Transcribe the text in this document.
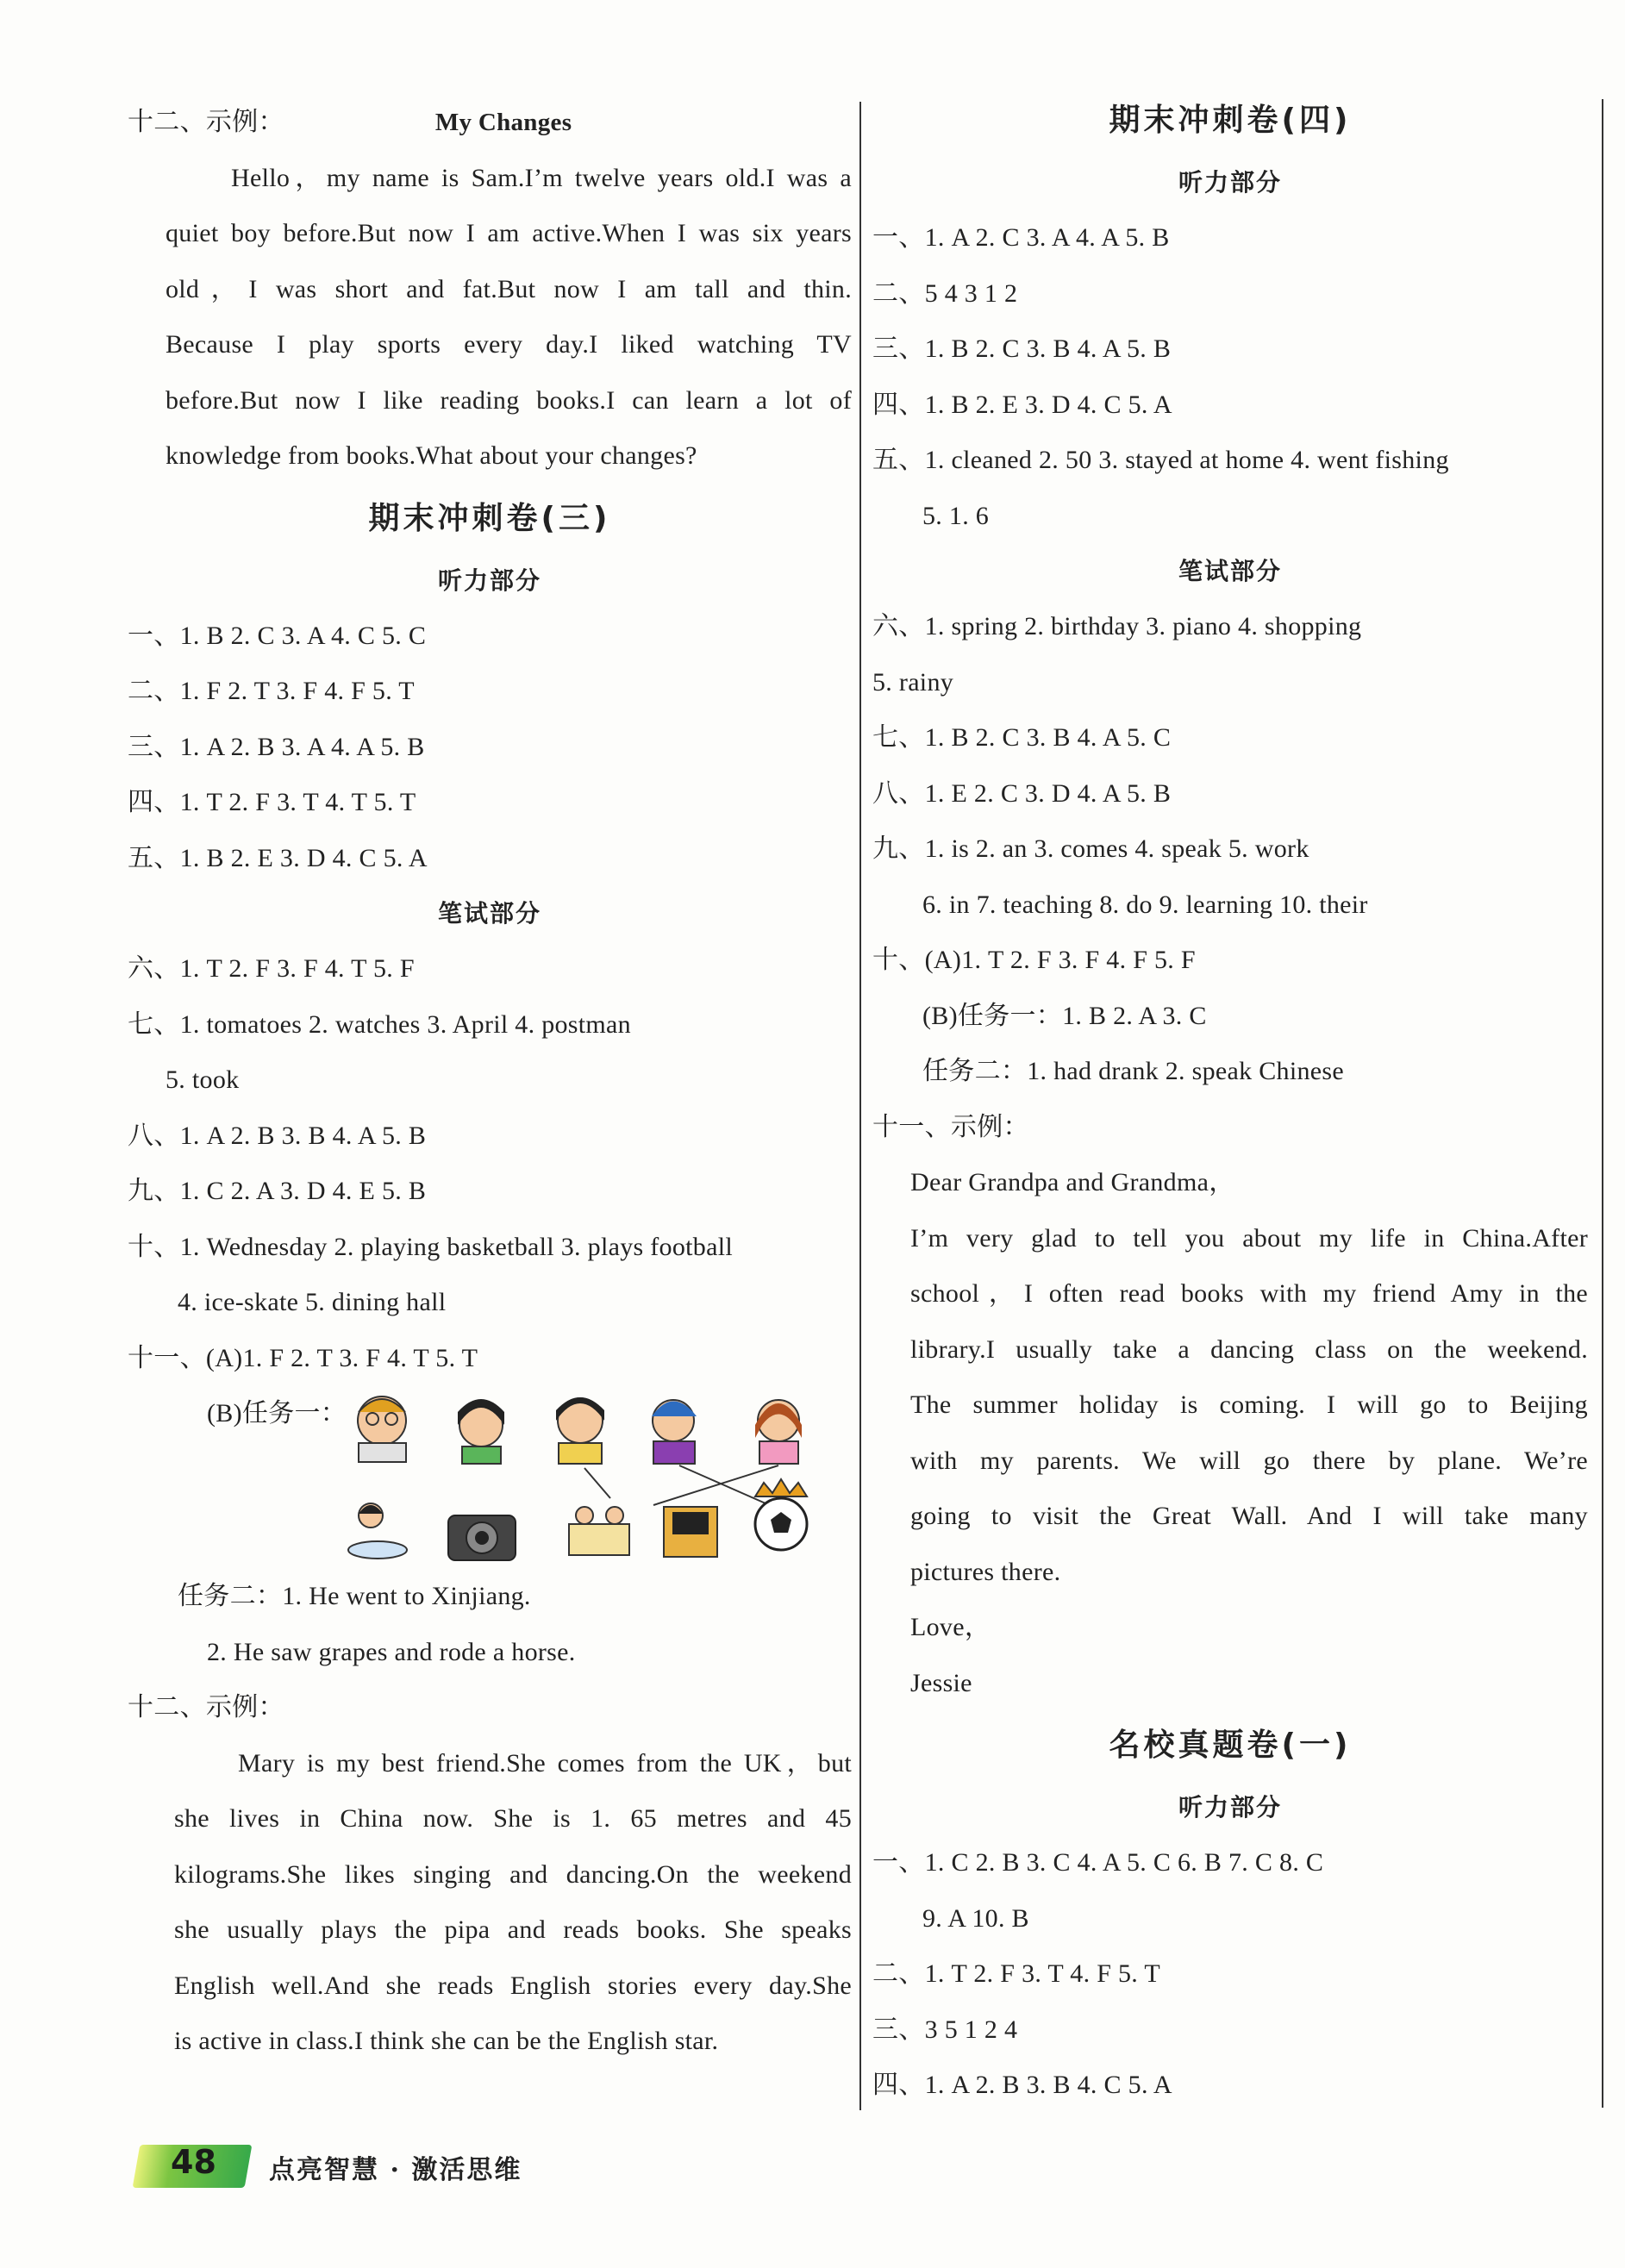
十二、示例：	My Changes
Hello，my name is Sam.I’m twelve years old.I was a
quiet boy before.But now I am active.When I was six years
old，I was short and fat.But now I am tall and thin.
Because I play sports every day.I liked watching TV
before.But now I like reading books.I can learn a lot of
knowledge from books.What about your changes?
期末冲刺卷(三)
听力部分
一、1. B 2. C 3. A 4. C 5. C
二、1. F 2. T 3. F 4. F 5. T
三、1. A 2. B 3. A 4. A 5. B
四、1. T 2. F 3. T 4. T 5. T
五、1. B 2. E 3. D 4. C 5. A
笔试部分
六、1. T 2. F 3. F 4. T 5. F
七、1. tomatoes 2. watches 3. April 4. postman
5. took
八、1. A 2. B 3. B 4. A 5. B
九、1. C 2. A 3. D 4. E 5. B
十、1. Wednesday 2. playing basketball 3. plays football
4. ice-skate 5. dining hall
十一、(A)1. F 2. T 3. F 4. T 5. T
(B)任务一：
任务二：1. He went to Xinjiang.
2. He saw grapes and rode a horse.
十二、示例：
Mary is my best friend.She comes from the UK，but
she lives in China now. She is 1. 65 metres and 45
kilograms.She likes singing and dancing.On the weekend
she usually plays the pipa and reads books. She speaks
English well.And she reads English stories every day.She
is active in class.I think she can be the English star.
期末冲刺卷(四)
听力部分
一、1. A 2. C 3. A 4. A 5. B
二、5 4 3 1 2
三、1. B 2. C 3. B 4. A 5. B
四、1. B 2. E 3. D 4. C 5. A
五、1. cleaned 2. 50 3. stayed at home 4. went fishing
5. 1. 6
笔试部分
六、1. spring 2. birthday 3. piano 4. shopping
5. rainy
七、1. B 2. C 3. B 4. A 5. C
八、1. E 2. C 3. D 4. A 5. B
九、1. is 2. an 3. comes 4. speak 5. work
6. in 7. teaching 8. do 9. learning 10. their
十、(A)1. T 2. F 3. F 4. F 5. F
(B)任务一：1. B 2. A 3. C
任务二：1. had drank 2. speak Chinese
十一、示例：
Dear Grandpa and Grandma，
I’m very glad to tell you about my life in China.After
school，I often read books with my friend Amy in the
library.I usually take a dancing class on the weekend.
The summer holiday is coming. I will go to Beijing
with my parents. We will go there by plane. We’re
going to visit the Great Wall. And I will take many
pictures there.
Love，
Jessie
名校真题卷(一)
听力部分
一、1. C 2. B 3. C 4. A 5. C 6. B 7. C 8. C
9. A 10. B
二、1. T 2. F 3. T 4. F 5. T
三、3 5 1 2 4
四、1. A 2. B 3. B 4. C 5. A
48 点亮智慧 · 激活思维
